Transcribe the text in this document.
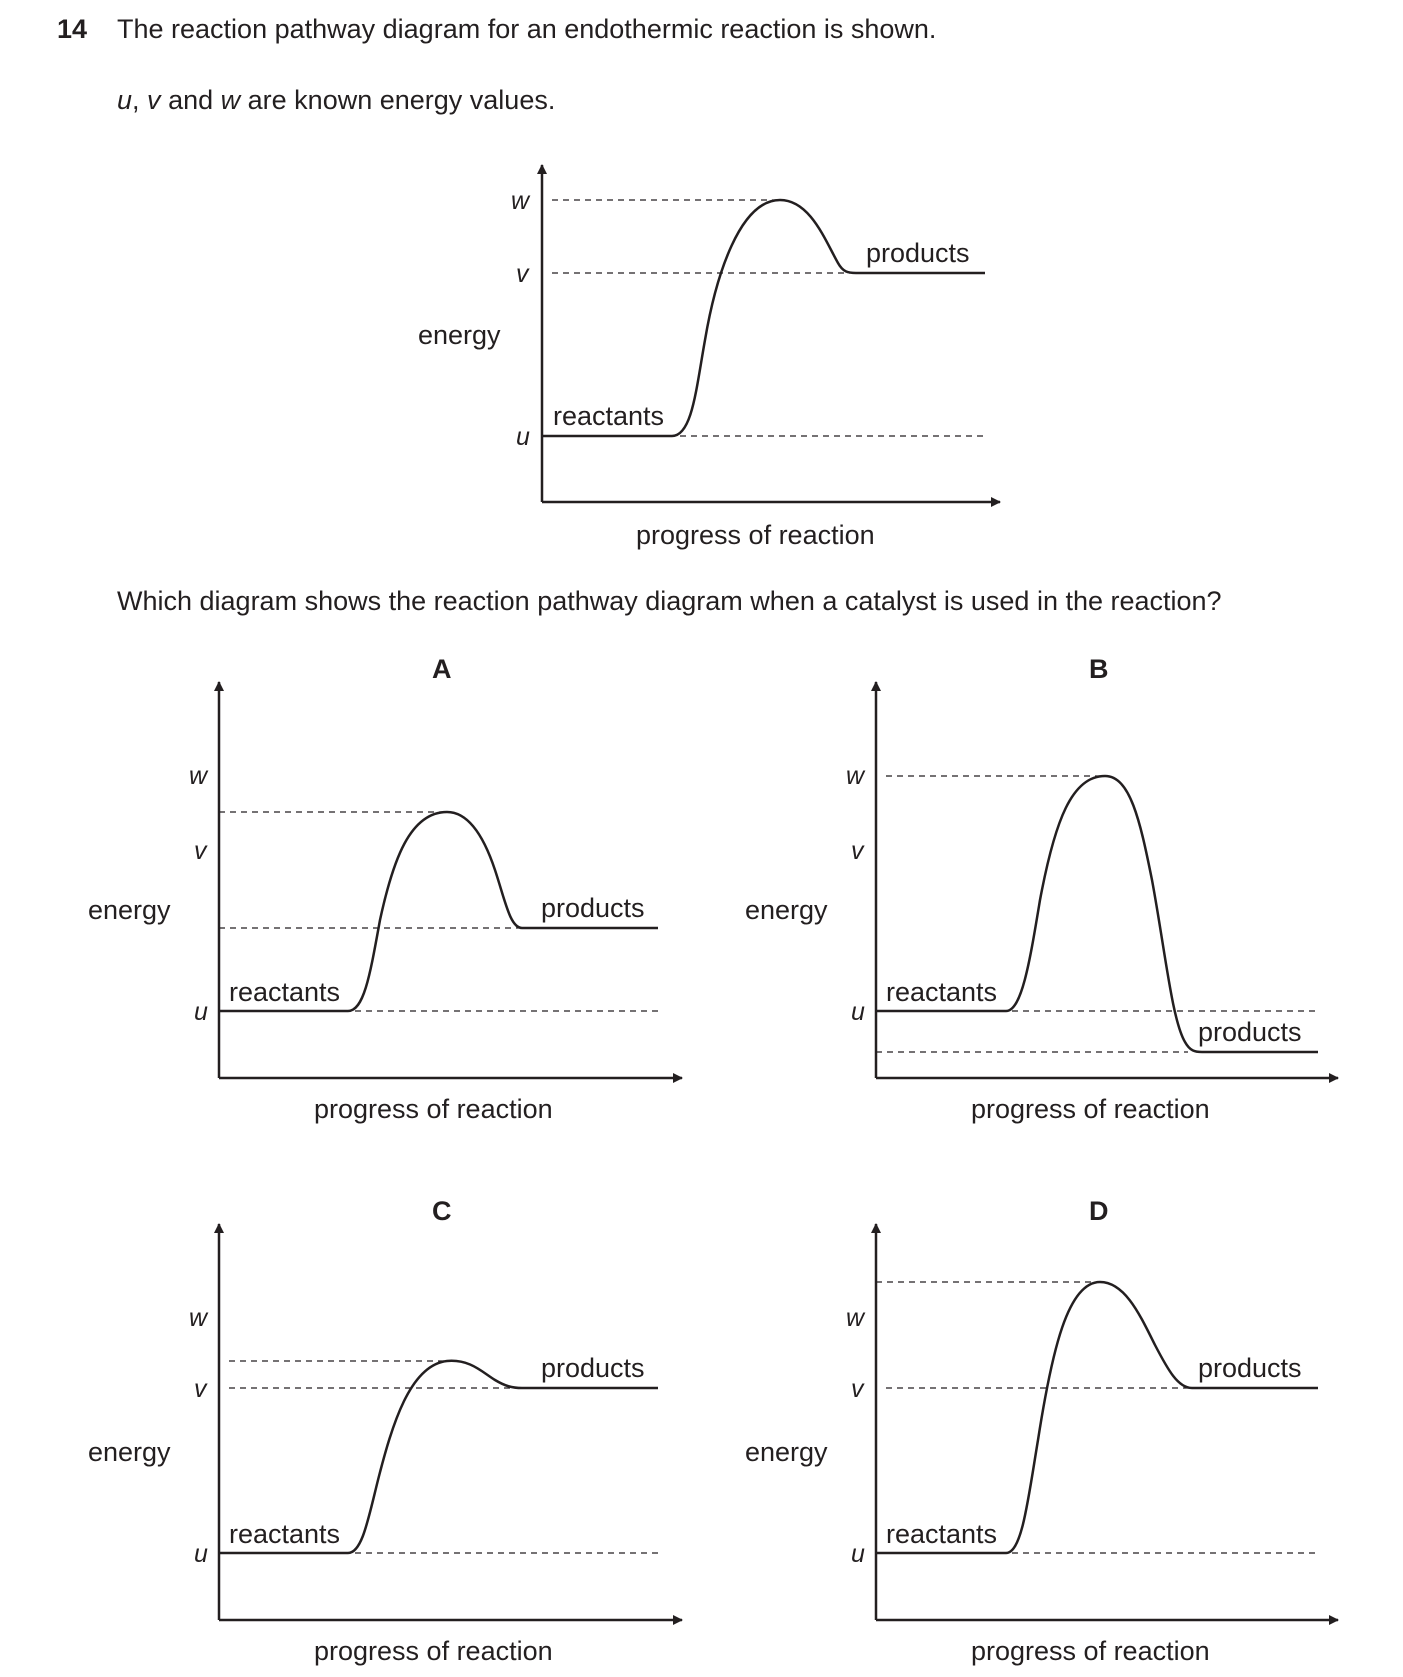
14 The reaction pathway diagram for an endothermic reaction is shown.
u, v and w are known energy values.
Which diagram shows the reaction pathway diagram when a catalyst is used in the reaction?
w
v
u
energy
reactants
products
progress of reaction
A
w
v
u
energy
reactants
products
progress of reaction
B
w
v
u
energy
reactants
products
progress of reaction
C
w
v
u
energy
reactants
products
progress of reaction
D
w
v
u
energy
reactants
products
progress of reaction
